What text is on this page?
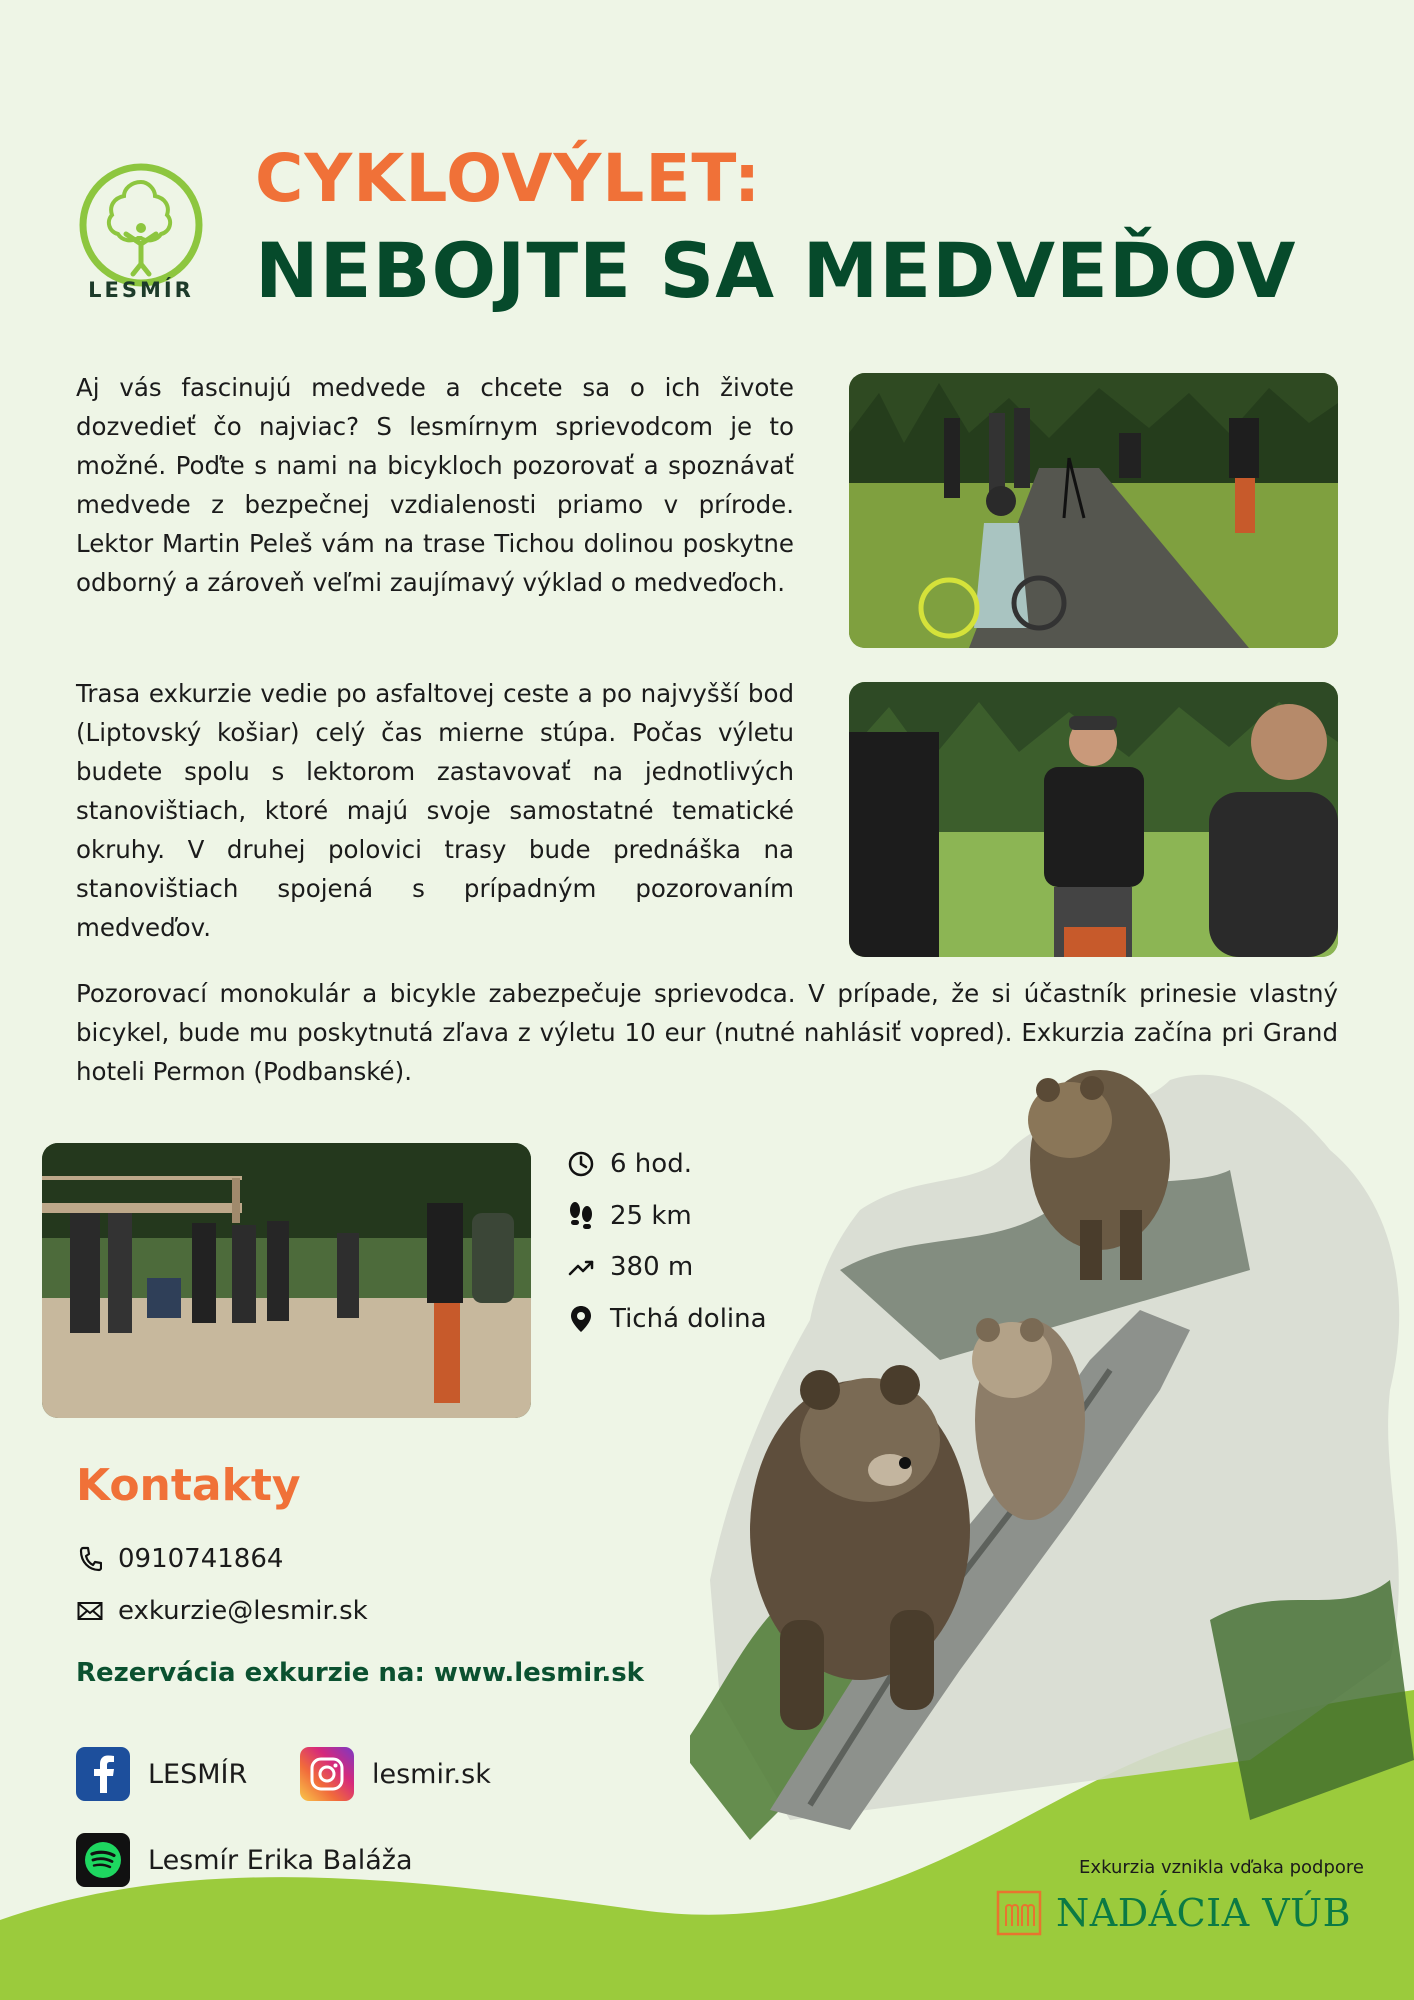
LESMÍR
CYKLOVÝLET:
NEBOJTE SA MEDVEĎOV
Aj vás fascinujú medvede a chcete sa o ich živote dozvedieť čo najviac? S lesmírnym sprievodcom je to možné. Poďte s nami na bicykloch pozorovať a spoznávať medvede z bezpečnej vzdialenosti priamo v prírode. Lektor Martin Peleš vám na trase Tichou dolinou poskytne odborný a zároveň veľmi zaujímavý výklad o medveďoch.
Trasa exkurzie vedie po asfaltovej ceste a po najvyšší bod (Liptovský košiar) celý čas mierne stúpa. Počas výletu budete spolu s lektorom zastavovať na jednotlivých stanovištiach, ktoré majú svoje samostatné tematické okruhy. V druhej polovici trasy bude prednáška na stanovištiach spojená s prípadným pozorovaním medveďov.
Pozorovací monokulár a bicykle zabezpečuje sprievodca. V prípade, že si účastník prinesie vlastný bicykel, bude mu poskytnutá zľava z výletu 10 eur (nutné nahlásiť vopred). Exkurzia začína pri Grand hoteli Permon (Podbanské).
6 hod.
25 km
380 m
Tichá dolina
Kontakty
0910741864
exkurzie@lesmir.sk
Rezervácia exkurzie na: www.lesmir.sk
LESMÍR	lesmir.sk
Lesmír Erika Baláža	Exkurzia vznikla vďaka podpore
NADÁCIA VÚB
